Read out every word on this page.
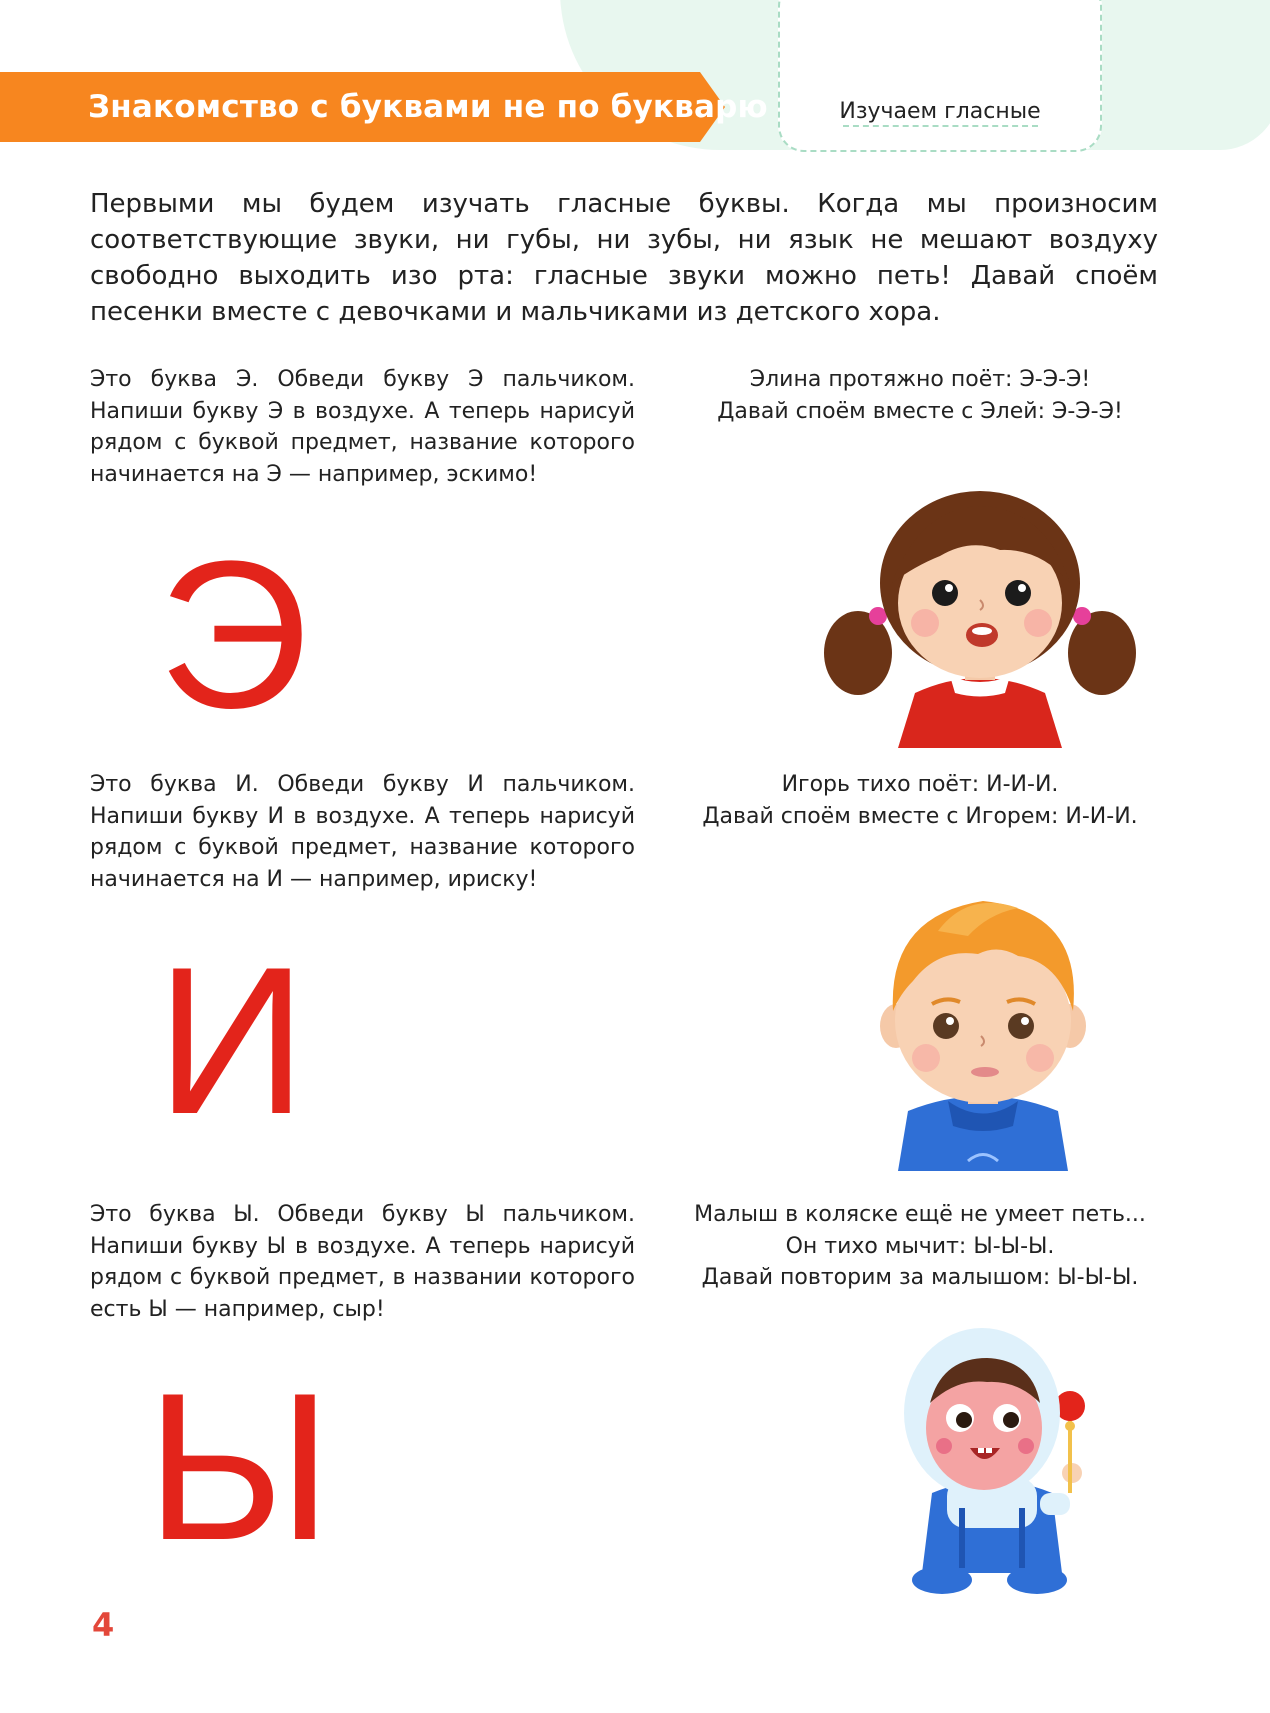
Знакомство с буквами не по букварю	Изучаем гласные

Первыми мы будем изучать гласные буквы. Когда мы произносим соответствующие звуки, ни губы, ни зубы, ни язык не мешают воздуху свободно выходить изо рта: гласные звуки можно петь! Давай споём песенки вместе с девочками и мальчиками из детского хора.

Это буква Э. Обведи букву Э пальчиком. Напиши букву Э в воздухе. А теперь нарисуй рядом с буквой предмет, название которого начинается на Э — например, эскимо!
Элина протяжно поёт: Э-Э-Э!
Давай споём вместе с Элей: Э-Э-Э!
Э
Это буква И. Обведи букву И пальчиком. Напиши букву И в воздухе. А теперь нарисуй рядом с буквой предмет, название которого начинается на И — например, ириску!
Игорь тихо поёт: И-И-И.
Давай споём вместе с Игорем: И-И-И.
И
Это буква Ы. Обведи букву Ы пальчиком. Напиши букву Ы в воздухе. А теперь нарисуй рядом с буквой предмет, в названии которого есть Ы — например, сыр!
Малыш в коляске ещё не умеет петь...
Он тихо мычит: Ы-Ы-Ы.
Давай повторим за малышом: Ы-Ы-Ы.
Ы
4
